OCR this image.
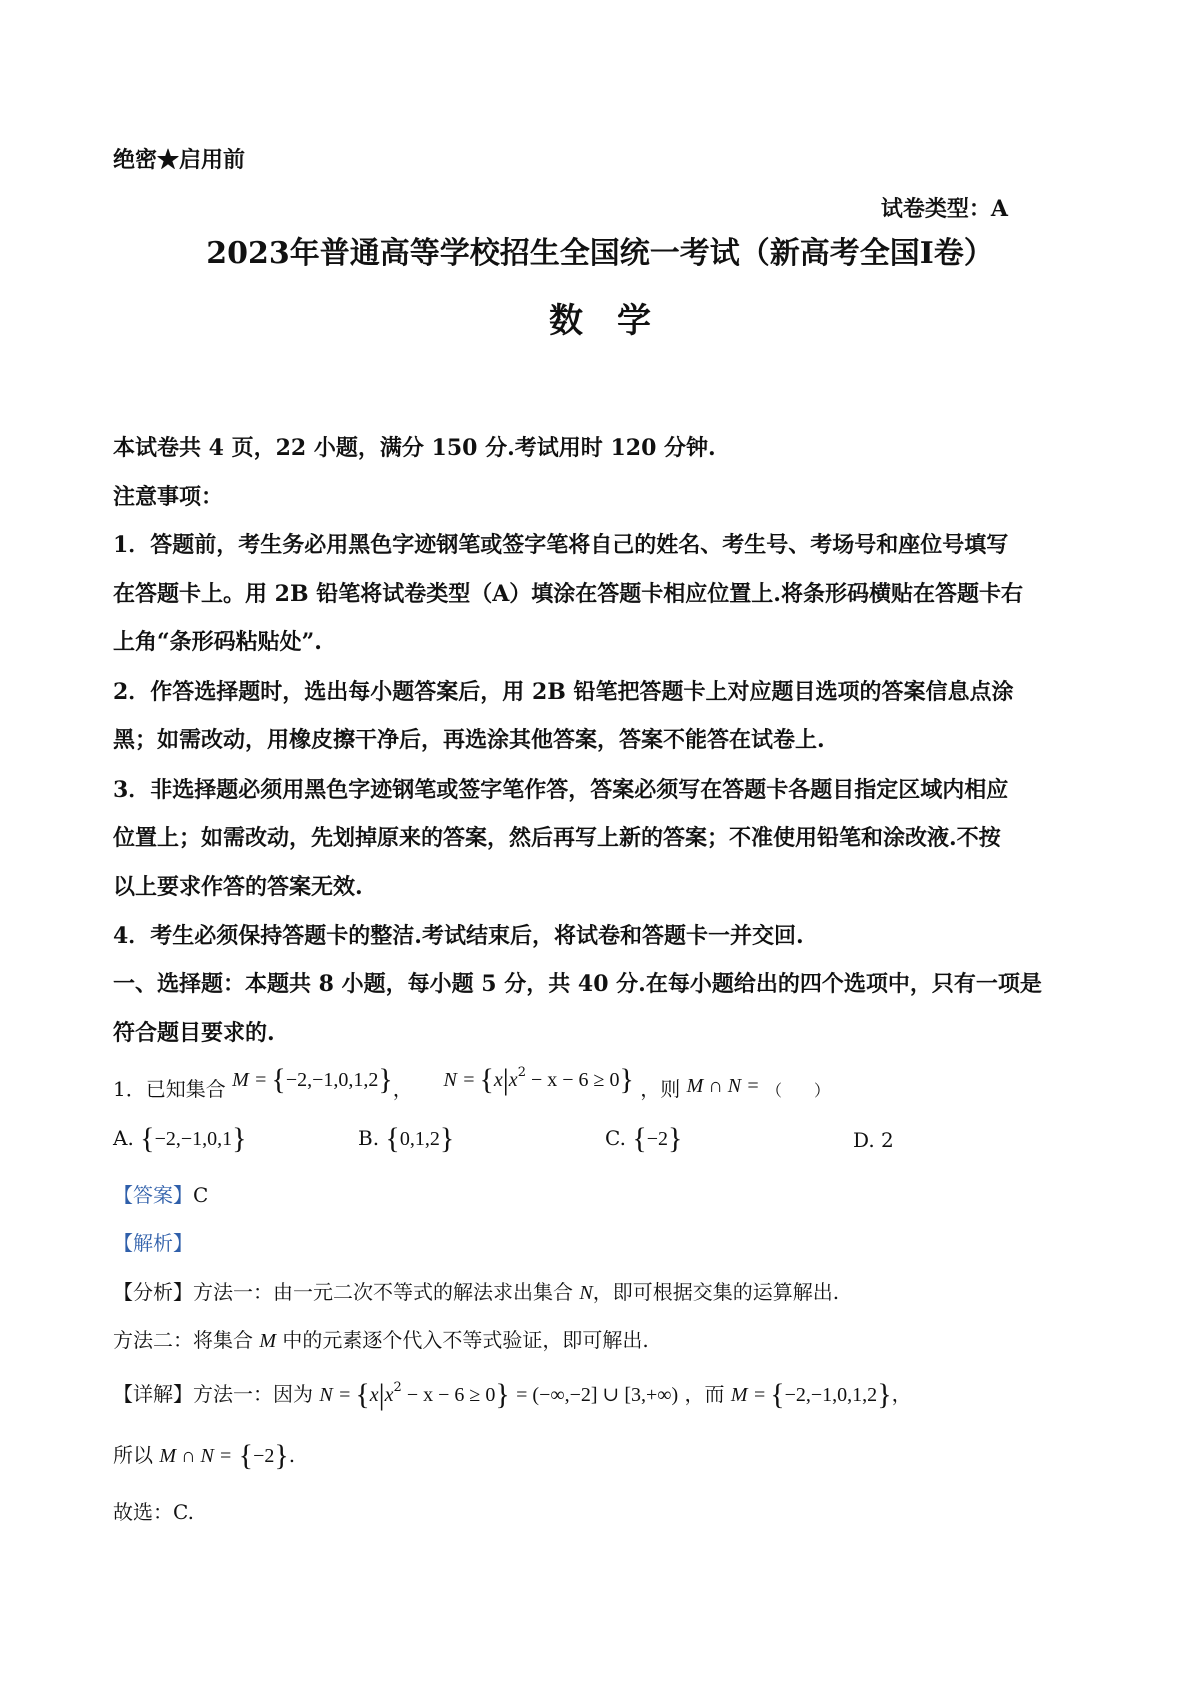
绝密★启用前
试卷类型：A
2023年普通高等学校招生全国统一考试（新高考全国I卷）
数　学
本试卷共 4 页，22 小题，满分 150 分.考试用时 120 分钟.
注意事项：
1．答题前，考生务必用黑色字迹钢笔或签字笔将自己的姓名、考生号、考场号和座位号填写
在答题卡上。用 2B 铅笔将试卷类型（A）填涂在答题卡相应位置上.将条形码横贴在答题卡右
上角“条形码粘贴处”.
2．作答选择题时，选出每小题答案后，用 2B 铅笔把答题卡上对应题目选项的答案信息点涂
黑；如需改动，用橡皮擦干净后，再选涂其他答案，答案不能答在试卷上.
3．非选择题必须用黑色字迹钢笔或签字笔作答，答案必须写在答题卡各题目指定区域内相应
位置上；如需改动，先划掉原来的答案，然后再写上新的答案；不准使用铅笔和涂改液.不按
以上要求作答的答案无效.
4．考生必须保持答题卡的整洁.考试结束后，将试卷和答题卡一并交回.
一、选择题：本题共 8 小题，每小题 5 分，共 40 分.在每小题给出的四个选项中，只有一项是
符合题目要求的.
1．已知集合 M = {−2,−1,0,1,2}， $N = \{x|x^2 - x - 6 \ge 0\}$ ，则 M ∩ N = （　　）
A. {−2,−1,0,1}	B. {0,1,2}	C. {−2}	D. 2
【答案】C
【解析】
【分析】方法一：由一元二次不等式的解法求出集合 N，即可根据交集的运算解出.
方法二：将集合 M 中的元素逐个代入不等式验证，即可解出.
【详解】方法一：因为 $N = \{x|x^2 - x - 6 \ge 0\} = (-\infty,-2]$ ∪ [3,+∞) ，而 M = {−2,−1,0,1,2}，
所以 M ∩ N = {−2}.
故选：C.
